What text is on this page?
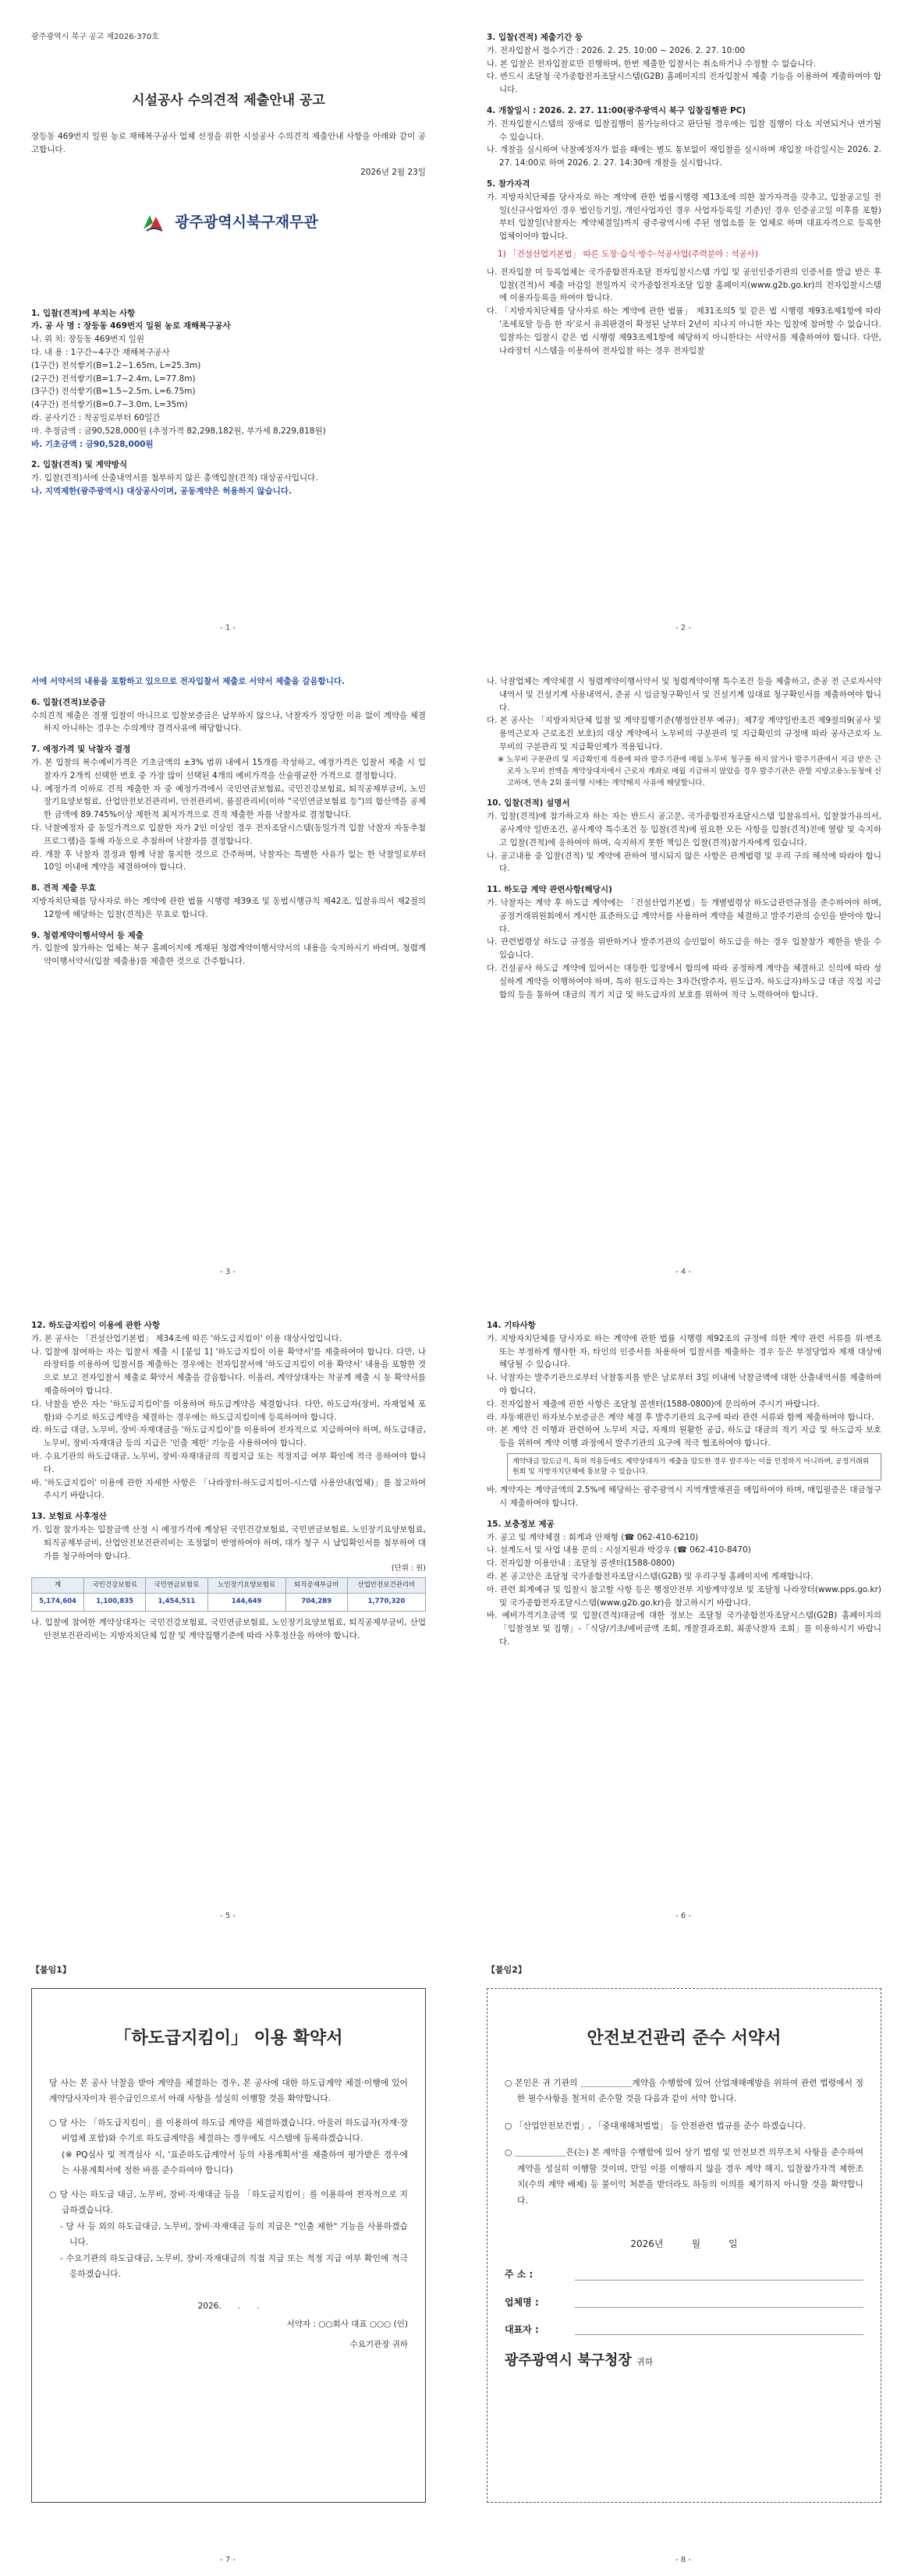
광주광역시 북구 공고 제2026-370호
시설공사 수의견적 제출안내 공고
장등동 469번지 일원 농로 재해복구공사 업체 선정을 위한 시설공사 수의견적 제출안내 사항을 아래와 같이 공고합니다.
2026년 2월 23일
광주광역시북구재무관
1. 입찰(견적)에 부치는 사항
가. 공 사 명 : 장등동 469번지 일원 농로 재해복구공사
나. 위 치: 장등동 469번지 일원
다. 내 용 : 1구간~4구간 재해복구공사
(1구간) 전석쌓기(B=1.2~1.65m, L=25.3m)
(2구간) 전석쌓기(B=1.7~2.4m, L=77.8m)
(3구간) 전석쌓기(B=1.5~2.5m, L=6.75m)
(4구간) 전석쌓기(B=0.7~3.0m, L=35m)
라. 공사기간 : 착공일로부터 60일간
마. 추정금액 : 금90,528,000원 (추정가격 82,298,182원, 부가세 8,229,818원)
바. 기초금액 : 금90,528,000원
2. 입찰(견적) 및 계약방식
가. 입찰(견적)서에 산출내역서를 첨부하지 않은 총액입찰(견적) 대상공사입니다.
나. 지역제한(광주광역시) 대상공사이며, 공동계약은 허용하지 않습니다.
- 1 -
3. 입찰(견적) 제출기간 등
가. 전자입찰서 접수기간 : 2026. 2. 25. 10:00 ~ 2026. 2. 27. 10:00
나. 본 입찰은 전자입찰로만 진행하며, 한번 제출한 입찰서는 취소하거나 수정할 수 없습니다.
다. 반드시 조달청 국가종합전자조달시스템(G2B) 홈페이지의 전자입찰서 제출 기능을 이용하여 제출하여야 합니다.
4. 개찰일시 : 2026. 2. 27. 11:00(광주광역시 북구 입찰집행관 PC)
가. 전자입찰시스템의 장애로 입찰집행이 불가능하다고 판단될 경우에는 입찰 집행이 다소 지연되거나 연기될 수 있습니다.
나. 개찰을 실시하여 낙찰예정자가 없을 때에는 별도 통보없이 재입찰을 실시하며 재입찰 마감일시는 2026. 2. 27. 14:00로 하며 2026. 2. 27. 14:30에 개찰을 실시합니다.
5. 참가자격
가. 지방자치단체를 당사자로 하는 계약에 관한 법률시행령 제13조에 의한 참가자격을 갖추고, 입찰공고일 전일(신규사업자인 경우 법인등기일, 개인사업자인 경우 사업자등록일 기준)인 경우 인증공고일 이후를 포함)부터 입찰일(낙찰자는 계약체결일)까지 광주광역시에 주된 영업소를 둔 업체로 하며 대표자격으로 등록한 업체이어야 합니다.
1) 「건설산업기본법」 따른 도장·습식·방수·석공사업(주력분야 : 석공사)
나. 전자입찰 미 등록업체는 국가종합전자조달 전자입찰시스템 가입 및 공인인증기관의 인증서를 발급 받은 후 입찰(견적)서 제출 마감일 전일까지 국가종합전자조달 입찰 홈페이지(www.g2b.go.kr)의 전자입찰시스템에 이용자등록을 하여야 합니다.
다. 「지방자치단체를 당사자로 하는 계약에 관한 법률」 제31조의5 및 같은 법 시행령 제93조제1항에 따라 '조세포탈 등을 한 자'로서 유죄판결이 확정된 날부터 2년이 지나지 아니한 자는 입찰에 참여할 수 없습니다. 입찰자는 입찰시 같은 법 시행령 제93조제1항에 해당하지 아니한다는 서약서를 제출하여야 합니다. 다만, 나라장터 시스템을 이용하여 전자입찰 하는 경우 전자입찰
- 2 -
서에 서약서의 내용을 포함하고 있으므로 전자입찰서 제출로 서약서 제출을 갈음합니다.
6. 입찰(견적)보증금
수의견적 제출은 경쟁 입찰이 아니므로 입찰보증금은 납부하지 않으나, 낙찰자가 정당한 이유 없이 계약을 체결하지 아니하는 경우는 수의계약 결격사유에 해당합니다.
7. 예정가격 및 낙찰자 결정
가. 본 입찰의 복수예비가격은 기초금액의 ±3% 범위 내에서 15개를 작성하고, 예정가격은 입찰서 제출 시 입찰자가 2개씩 선택한 번호 중 가장 많이 선택된 4개의 예비가격을 산술평균한 가격으로 결정합니다.
나. 예정가격 이하로 견적 제출한 자 중 예정가격에서 국민연금보험료, 국민건강보험료, 퇴직공제부금비, 노인장기요양보험료, 산업안전보건관리비, 안전관리비, 품질관리비(이하 "국민연금보험료 등")의 합산액을 공제한 금액에 89.745%이상 제한적 최저가격으로 견적 제출한 자를 낙찰자로 결정합니다.
다. 낙찰예정자 중 동일가격으로 입찰한 자가 2인 이상인 경우 전자조달시스템(동일가격 입찰 낙찰자 자동추첨프로그램)을 통해 자동으로 추첨하여 낙찰자를 결정합니다.
라. 개찰 후 낙찰자 결정과 함께 낙찰 통지한 것으로 간주하며, 낙찰자는 특별한 사유가 없는 한 낙찰일로부터 10일 이내에 계약을 체결하여야 합니다.
8. 견적 제출 무효
지방자치단체를 당사자로 하는 계약에 관한 법률 시행령 제39조 및 동법시행규칙 제42조, 입찰유의서 제2절의 12항에 해당하는 입찰(견적)은 무효로 합니다.
9. 청렴계약이행서약서 등 제출
가. 입찰에 참가하는 업체는 북구 홈페이지에 게재된 청렴계약이행서약서의 내용을 숙지하시기 바라며, 청렴계약이행서약서(입찰 제출용)를 제출한 것으로 간주합니다.
- 3 -
나. 낙찰업체는 계약체결 시 청렴계약이행서약서 및 청렴계약이행 특수조건 등을 제출하고, 준공 전 근로자서약내역서 및 건설기계 사용내역서, 준공 시 임금청구확인서 및 건설기계 임대료 청구확인서를 제출하여야 합니다.
다. 본 공사는 「지방자치단체 입찰 및 계약집행기준(행정안전부 예규)」제7장 계약일반조건 제9절의9(공사 및 용역근로자 근로조건 보호)의 대상 계약에서 노무비의 구분관리 및 지급확인의 규정에 따라 공사근로자 노무비의 구분관리 및 지급확인제가 적용됩니다.
※ 노무비 구분관리 및 지급확인제 적용에 따라 발주기관에 매월 노무비 청구를 하지 않거나 발주기관에서 지급 받은 근로자 노무비 전액을 계약상대자에서 근로자 계좌로 매월 지급하지 않았을 경우 발주기관은 관할 지방고용노동청에 신고하며, 연속 2회 불이행 시에는 계약해지 사유에 해당합니다.
10. 입찰(견적) 설명서
가. 입찰(견적)에 참가하고자 하는 자는 반드시 공고문, 국가종합전자조달시스템 입찰유의서, 입찰참가유의서, 공사계약 일반조건, 공사계약 특수조건 등 입찰(견적)에 필요한 모든 사항을 입찰(견적)전에 열람 및 숙지하고 입찰(견적)에 응하여야 하며, 숙지하지 못한 책임은 입찰(견적)참가자에게 있습니다.
나. 공고내용 중 입찰(견적) 및 계약에 관하여 명시되지 않은 사항은 관계법령 및 우리 구의 해석에 따라야 합니다.
11. 하도급 계약 관련사항(해당시)
가. 낙찰자는 계약 후 하도급 계약에는 「건설산업기본법」등 개별법령상 하도급관련규정을 준수하여야 하며, 공정거래위원회에서 게시한 표준하도급 계약서를 사용하여 계약을 체결하고 발주기관의 승인을 받아야 합니다.
나. 관련법령상 하도급 규정을 위반하거나 발주기관의 승인없이 하도급을 하는 경우 입찰참가 제한을 받을 수 있습니다.
다. 건설공사 하도급 계약에 있어서는 대등한 입장에서 합의에 따라 공정하게 계약을 체결하고 신의에 따라 성실하게 계약을 이행하여야 하며, 특히 원도급자는 3자간(발주자, 원도급자, 하도급자)하도급 대금 직접 지급합의 등을 통하여 대금의 적기 지급 및 하도급자의 보호를 위하여 적극 노력하여야 합니다.
- 4 -
12. 하도급지킴이 이용에 관한 사항
가. 본 공사는 「건설산업기본법」 제34조에 따른 '하도급지킴이' 이용 대상사업입니다.
나. 입찰에 참여하는 자는 입찰서 제출 시 [붙임 1] '하도급지킴이 이용 확약서'를 제출하여야 합니다. 다만, 나라장터를 이용하여 입찰서를 제출하는 경우에는 전자입찰서에 '하도급지킴이 이용 확약서' 내용을 포함한 것으로 보고 전자입찰서 제출로 확약서 제출을 갈음합니다. 이울러, 계약상대자는 착공계 제출 시 동 확약서를 제출하여야 합니다.
다. 낙찰을 받은 자는 '하도급지킴이'를 이용하여 하도급계약을 체결합니다. 다만, 하도급자(장비, 자재업체 포함)와 수기로 하도급계약을 체결하는 경우에는 하도급지킴이에 등록하여야 합니다.
라. 하도급 대금, 노무비, 장비·자재대금을 '하도급지킴이'를 이용하여 전자적으로 지급하여야 하며, 하도급대금, 노무비, 장비·자재대금 등의 지급은 '인출 제한' 기능을 사용하여야 합니다.
마. 수요기관의 하도급대금, 노무비, 장비·자재대금의 직접지급 또는 적정지급 여부 확인에 적극 응하여야 합니다.
바. '하도급지킴이' 이용에 관한 자세한 사항은 「나라장터-하도급지킴이-시스템 사용안내(업체)」를 참고하여 주시기 바랍니다.
13. 보험료 사후정산
가. 입찰 참가자는 입찰금액 산정 시 예정가격에 계상된 국민건강보험료, 국민연금보험료, 노인장기요양보험료, 퇴직공제부금비, 산업안전보건관리비는 조정없이 반영하여야 하며, 대가 청구 시 납입확인서를 첨부하여 대가를 청구하여야 합니다.
(단위 : 원)
계	국민건강보험료	국민연금보험료	노인장기요양보험료	퇴직공제부금비	산업안전보건관리비
5,174,604	1,100,835	1,454,511	144,649	704,289	1,770,320
나. 입찰에 참여한 계약상대자는 국민건강보험료, 국민연금보험료, 노인장기요양보험료, 퇴직공제부금비, 산업안전보건관리비는 지방자치단체 입찰 및 계약집행기준에 따라 사후정산을 하여야 합니다.
- 5 -
14. 기타사항
가. 지방자치단체를 당사자로 하는 계약에 관한 법률 시행령 제92조의 규정에 의한 계약 관련 서류를 위·변조 또는 부정하게 행사한 자, 타인의 인증서를 차용하여 입찰서를 제출하는 경우 등은 부정당업자 제재 대상에 해당될 수 있습니다.
나. 낙찰자는 발주기관으로부터 낙찰통지를 받은 날로부터 3일 이내에 낙찰금액에 대한 산출내역서를 제출하여야 합니다.
다. 전자입찰서 제출에 관한 사항은 조달청 콜센터(1588-0800)에 문의하여 주시기 바랍니다.
라. 자동채관인 하자보수보증금은 계약 체결 후 발주기관의 요구에 따라 관련 서류와 함께 제출하여야 합니다.
마. 본 계약 건 이행과 관련하여 노무비 지급, 자재의 원활한 공급, 하도급 대금의 적기 지급 및 하도급자 보호 등을 위하여 계약 이행 과정에서 발주기관의 요구에 적극 협조하여야 합니다.
계약대금 압도금지, 특허 적용등에도 계약상대자가 제출을 압도한 경우 발주자는 이를 인정하지 아니하며, 공정거래위원회 및 지방자치단체에 통보할 수 있습니다.
바. 계약자는 계약금액의 2.5%에 해당하는 광주광역시 지역개발채권을 매입하여야 하며, 매입필증은 대금청구 시 제출하여야 합니다.
15. 보충정보 제공
가. 공고 및 계약체결 : 회계과 안재형 (☎ 062-410-6210)
나. 설계도서 및 사업 내용 문의 : 시설지원과 박강우 (☎ 062-410-8470)
다. 전자입찰 이용안내 : 조달청 콜센터(1588-0800)
라. 본 공고안은 조달청 국가종합전자조달시스템(G2B) 및 우리구청 홈페이지에 게재합니다.
마. 관련 회계예규 및 입찰시 참고할 사항 등은 행정안전부 지방계약정보 및 조달청 나라장터(www.pps.go.kr)및 국가종합전자조달시스템(www.g2b.go.kr)을 참고하시기 바랍니다.
바. 예비가격기초금액 및 입찰(견적)대금에 대한 정보는 조달청 국가종합전자조달시스템(G2B) 홈페이지의 「입찰정보 및 집행」-「식당/기초/예비금액 조회, 개찰결과조회, 최종낙찰자 조회」를 이용하시기 바랍니다.
- 6 -
【붙임1】
「하도급지킴이」 이용 확약서
당 사는 본 공사 낙찰을 받아 계약을 체결하는 경우, 본 공사에 대한 하도급계약 체결·이행에 있어 계약당사자이자 원수급인으로서 아래 사항을 성실히 이행할 것을 확약합니다.
○ 당 사는 「하도급지킴이」를 이용하여 하도급 계약을 체결하겠습니다. 아울러 하도급자(자재·장비업체 포함)와 수기로 하도급계약을 체결하는 경우에도 시스템에 등록하겠습니다.
(※ PQ심사 및 적격심사 시, '표준하도급계약서 등의 사용계획서'를 제출하여 평가받은 경우에는 사용계획서에 정한 바를 준수하여야 합니다)
○ 당 사는 하도급 대금, 노무비, 장비·자재대금 등을 「하도급지킴이」를 이용하여 전자적으로 지급하겠습니다.
- 당 사 등 외의 하도급대금, 노무비, 장비·자재대금 등의 지급은 "인출 제한" 기능을 사용하겠습니다.
- 수요기관의 하도급대금, 노무비, 장비·자재대금의 직접 지급 또는 적정 지급 여부 확인에 적극 응하겠습니다.
2026.　　.　　.
서약자 : ○○회사 대표 ○○○ (인)
수요기관장 귀하
- 7 -
【붙임2】
안전보건관리 준수 서약서
○ 본인은 귀 기관의 ＿＿＿＿＿＿계약을 수행함에 있어 산업재해예방을 위하여 관련 법령에서 정한 필수사항을 철저히 준수할 것을 다음과 같이 서약 합니다.
○ 「산업안전보건법」, 「중대재해처벌법」 등 안전관련 법규를 준수 하겠습니다.
○ ＿＿＿＿＿＿은(는) 본 계약을 수행함에 있어 상기 법령 및 안전보건 의무조치 사항을 준수하여 계약을 성실히 이행할 것이며, 만일 이를 이행하지 않을 경우 계약 해지, 입찰참가자격 제한조치(수의 계약 배제) 등 불이익 처분을 받더라도 하등의 이의를 제기하지 아니할 것을 확약합니다.
2026년　　　월　　　일
주 소 :
업체명 :
대표자 :
광주광역시 북구청장 귀하
- 8 -
